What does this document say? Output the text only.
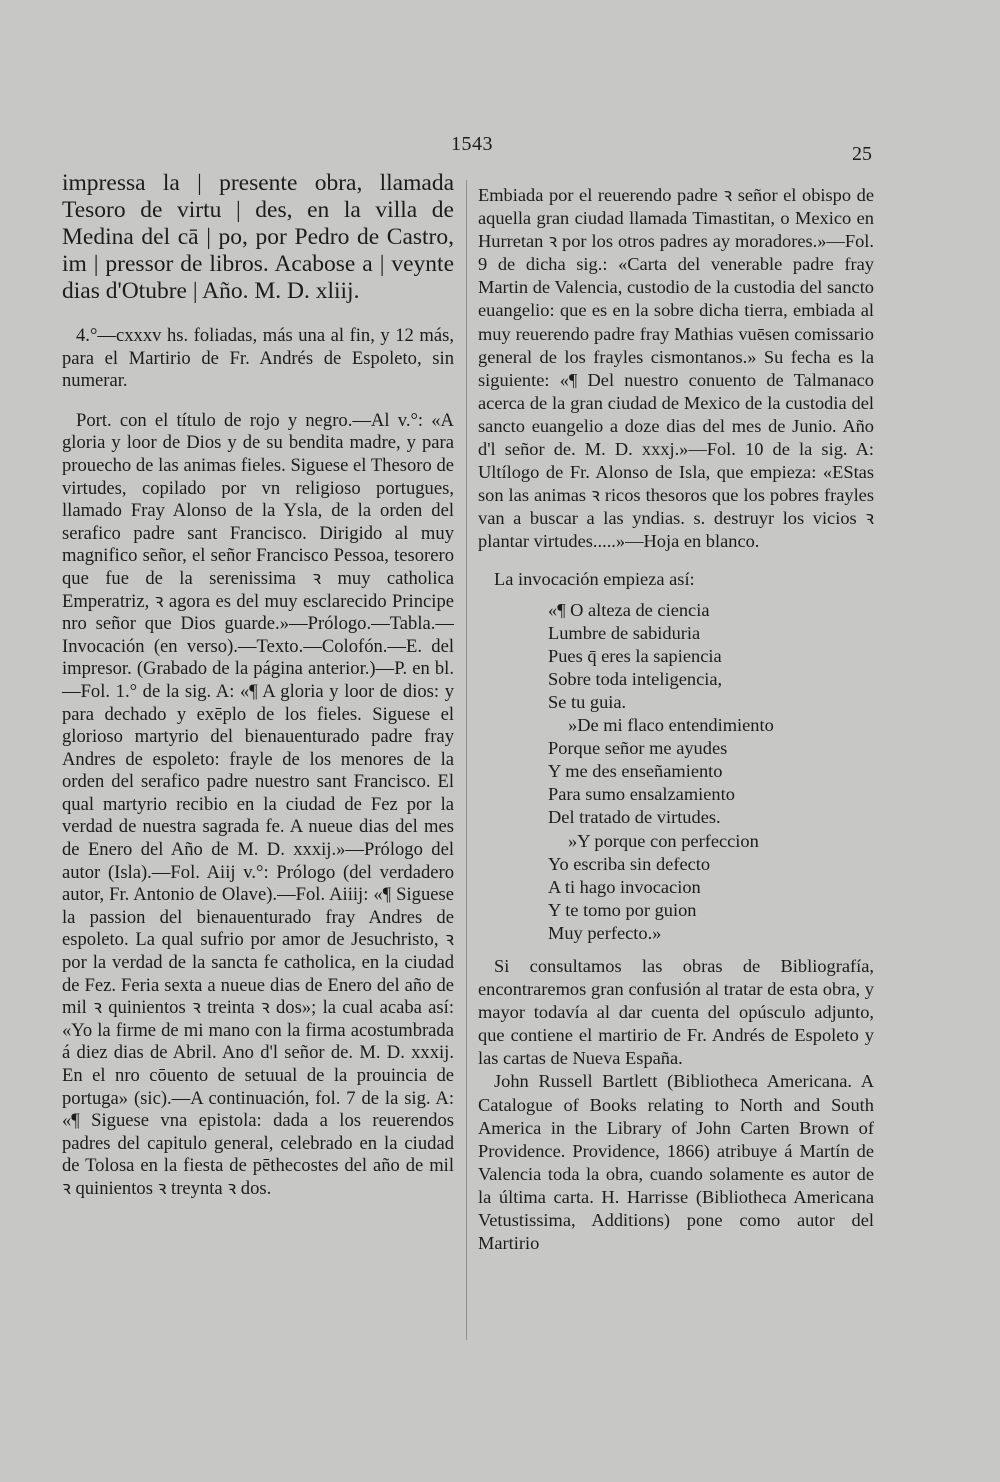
1543	25

impressa la | presente obra, llamada Tesoro de virtu | des, en la villa de Medina del cā | po, por Pedro de Castro, im | pressor de libros. Acabose a | veynte dias d'Otubre | Año. M. D. xliij.

4.°—cxxxv hs. foliadas, más una al fin, y 12 más, para el Martirio de Fr. Andrés de Espoleto, sin numerar.

Port. con el título de rojo y negro.—Al v.°: «A gloria y loor de Dios y de su bendita madre, y para prouecho de las animas fieles. Siguese el Thesoro de virtudes, copilado por vn religioso portugues, llamado Fray Alonso de la Ysla, de la orden del serafico padre sant Francisco. Dirigido al muy magnifico señor, el señor Francisco Pessoa, tesorero que fue de la serenissima ꝛ muy catholica Emperatriz, ꝛ agora es del muy esclarecido Principe nro señor que Dios guarde.»—Prólogo.—Tabla.—Invocación (en verso).—Texto.—Colofón.—E. del impresor. (Grabado de la página anterior.)—P. en bl.—Fol. 1.° de la sig. A: «¶ A gloria y loor de dios: y para dechado y exēplo de los fieles. Siguese el glorioso martyrio del bienauenturado padre fray Andres de espoleto: frayle de los menores de la orden del serafico padre nuestro sant Francisco. El qual martyrio recibio en la ciudad de Fez por la verdad de nuestra sagrada fe. A nueue dias del mes de Enero del Año de M. D. xxxij.»—Prólogo del autor (Isla).—Fol. Aiij v.°: Prólogo (del verdadero autor, Fr. Antonio de Olave).—Fol. Aiiij: «¶ Siguese la passion del bienauenturado fray Andres de espoleto. La qual sufrio por amor de Jesuchristo, ꝛ por la verdad de la sancta fe catholica, en la ciudad de Fez. Feria sexta a nueue dias de Enero del año de mil ꝛ quinientos ꝛ treinta ꝛ dos»; la cual acaba así: «Yo la firme de mi mano con la firma acostumbrada á diez dias de Abril. Ano d'l señor de. M. D. xxxij. En el nro cōuento de setuual de la prouincia de portuga» (sic).—A continuación, fol. 7 de la sig. A: «¶ Siguese vna epistola: dada a los reuerendos padres del capitulo general, celebrado en la ciudad de Tolosa en la fiesta de pēthecostes del año de mil ꝛ quinientos ꝛ treynta ꝛ dos.

Embiada por el reuerendo padre ꝛ señor el obispo de aquella gran ciudad llamada Timastitan, o Mexico en Hurretan ꝛ por los otros padres ay moradores.»—Fol. 9 de dicha sig.: «Carta del venerable padre fray Martin de Valencia, custodio de la custodia del sancto euangelio: que es en la sobre dicha tierra, embiada al muy reuerendo padre fray Mathias vuēsen comissario general de los frayles cismontanos.» Su fecha es la siguiente: «¶ Del nuestro conuento de Talmanaco acerca de la gran ciudad de Mexico de la custodia del sancto euangelio a doze dias del mes de Junio. Año d'l señor de. M. D. xxxj.»—Fol. 10 de la sig. A: Ultílogo de Fr. Alonso de Isla, que empieza: «EStas son las animas ꝛ ricos thesoros que los pobres frayles van a buscar a las yndias. s. destruyr los vicios ꝛ plantar virtudes.....»—Hoja en blanco.

La invocación empieza así:

«¶ O alteza de ciencia
Lumbre de sabiduria
Pues q̄ eres la sapiencia
Sobre toda inteligencia,
Se tu guia.
»De mi flaco entendimiento
Porque señor me ayudes
Y me des enseñamiento
Para sumo ensalzamiento
Del tratado de virtudes.
»Y porque con perfeccion
Yo escriba sin defecto
A ti hago invocacion
Y te tomo por guion
Muy perfecto.»

Si consultamos las obras de Bibliografía, encontraremos gran confusión al tratar de esta obra, y mayor todavía al dar cuenta del opúsculo adjunto, que contiene el martirio de Fr. Andrés de Espoleto y las cartas de Nueva España.

John Russell Bartlett (Bibliotheca Americana. A Catalogue of Books relating to North and South America in the Library of John Carten Brown of Providence. Providence, 1866) atribuye á Martín de Valencia toda la obra, cuando solamente es autor de la última carta. H. Harrisse (Bibliotheca Americana Vetustissima, Additions) pone como autor del Martirio
